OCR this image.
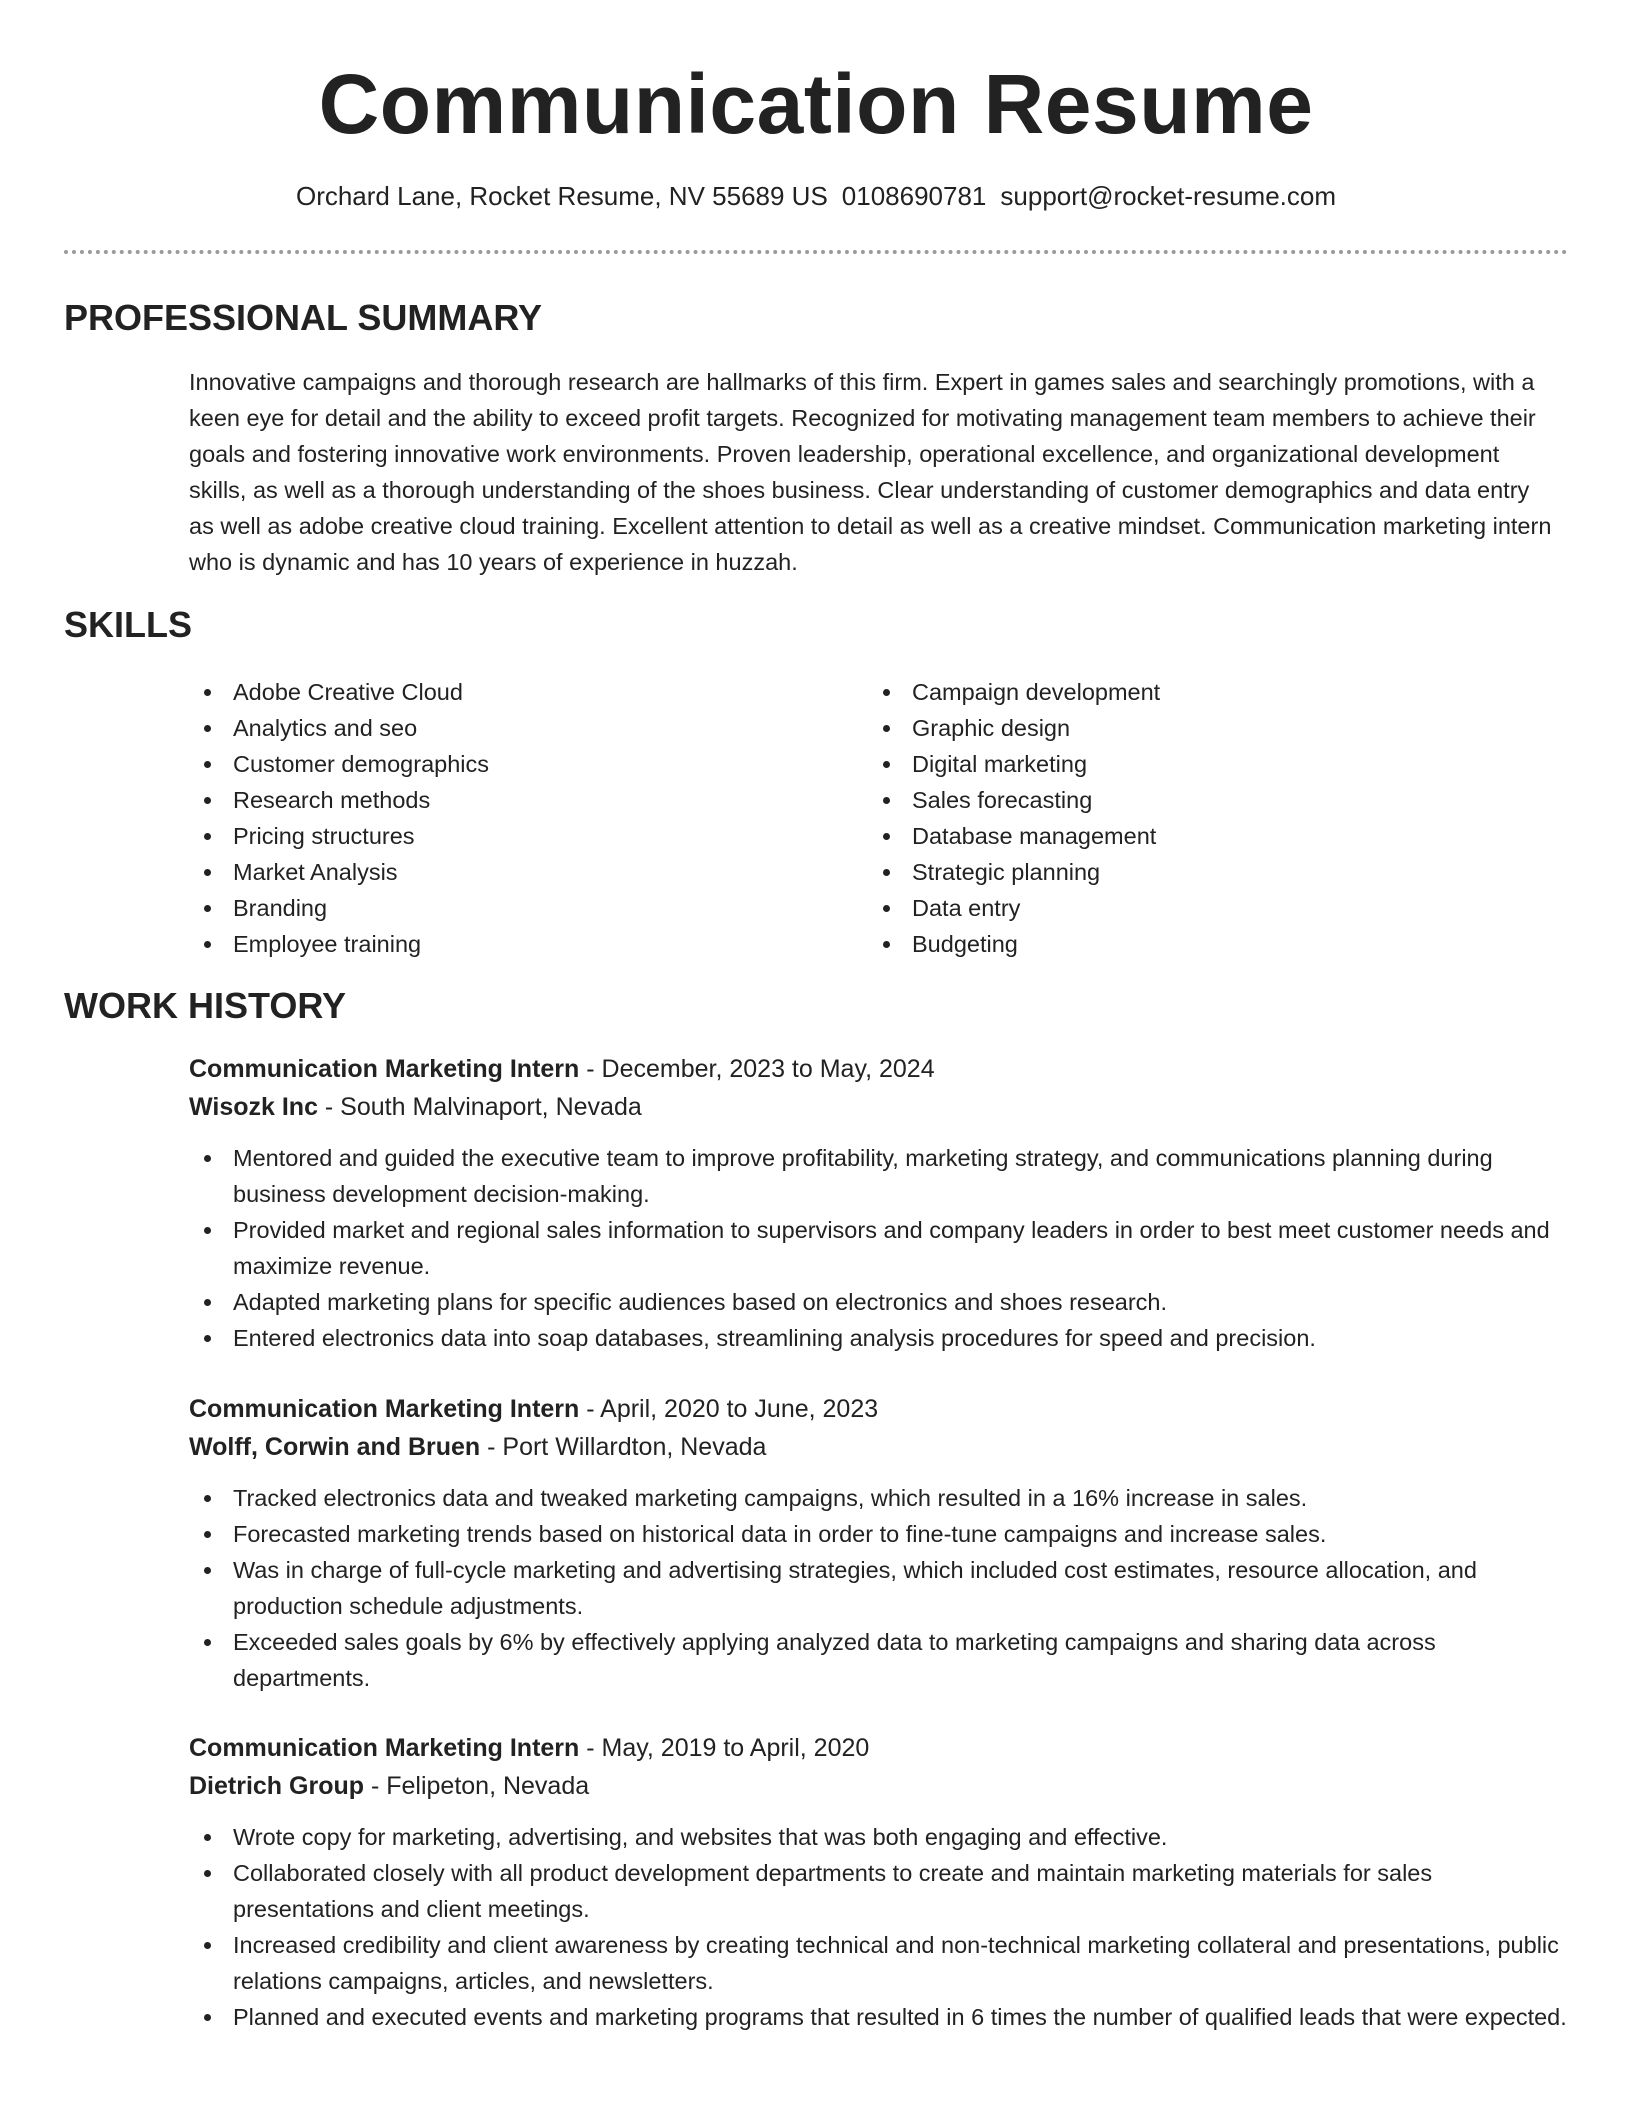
Communication Resume
Orchard Lane, Rocket Resume, NV 55689 US 0108690781 support@rocket-resume.com
PROFESSIONAL SUMMARY

Innovative campaigns and thorough research are hallmarks of this firm. Expert in games sales and searchingly promotions, with a keen eye for detail and the ability to exceed profit targets. Recognized for motivating management team members to achieve their goals and fostering innovative work environments. Proven leadership, operational excellence, and organizational development skills, as well as a thorough understanding of the shoes business. Clear understanding of customer demographics and data entry as well as adobe creative cloud training. Excellent attention to detail as well as a creative mindset. Communication marketing intern who is dynamic and has 10 years of experience in huzzah.

SKILLS
Adobe Creative Cloud
Analytics and seo
Customer demographics
Research methods
Pricing structures
Market Analysis
Branding
Employee training
Campaign development
Graphic design
Digital marketing
Sales forecasting
Database management
Strategic planning
Data entry
Budgeting
WORK HISTORY
Communication Marketing Intern - December, 2023 to May, 2024
Wisozk Inc - South Malvinaport, Nevada
Mentored and guided the executive team to improve profitability, marketing strategy, and communications planning during business development decision-making.
Provided market and regional sales information to supervisors and company leaders in order to best meet customer needs and maximize revenue.
Adapted marketing plans for specific audiences based on electronics and shoes research.
Entered electronics data into soap databases, streamlining analysis procedures for speed and precision.
Communication Marketing Intern - April, 2020 to June, 2023
Wolff, Corwin and Bruen - Port Willardton, Nevada
Tracked electronics data and tweaked marketing campaigns, which resulted in a 16% increase in sales.
Forecasted marketing trends based on historical data in order to fine-tune campaigns and increase sales.
Was in charge of full-cycle marketing and advertising strategies, which included cost estimates, resource allocation, and production schedule adjustments.
Exceeded sales goals by 6% by effectively applying analyzed data to marketing campaigns and sharing data across departments.
Communication Marketing Intern - May, 2019 to April, 2020
Dietrich Group - Felipeton, Nevada
Wrote copy for marketing, advertising, and websites that was both engaging and effective.
Collaborated closely with all product development departments to create and maintain marketing materials for sales presentations and client meetings.
Increased credibility and client awareness by creating technical and non-technical marketing collateral and presentations, public relations campaigns, articles, and newsletters.
Planned and executed events and marketing programs that resulted in 6 times the number of qualified leads that were expected.
